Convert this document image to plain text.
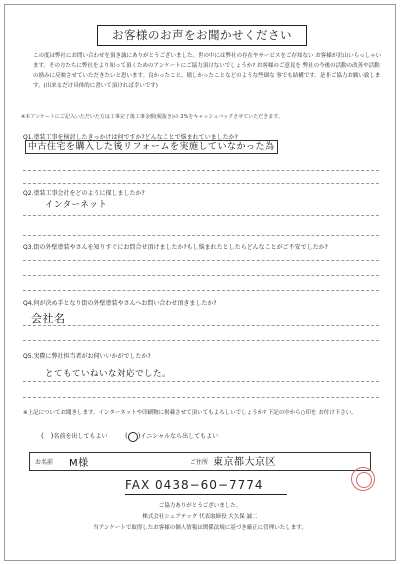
お客様のお声をお聞かせください
この度は弊社にお問い合わせを頂き誠にありがとうございました。世の中には弊社の存在やサービスをご存知ない お客様が沢山いらっしゃいます。その方たちに弊社をより知って頂くためのアンケートにご協力頂けないでしょうか? お客様のご意見を 弊社の今後の活動の改善や活動の励みに反映させていただきたいと思います。良かったこと、嬉しかったことなどのような些細な 事でも結構です。是非ご協力お願い致します。(出来るだけ具体的に書いて頂ければ幸いです)
※本アンケートにご記入いただいた方は工事完了後工事金額(税抜き)の 2%をキャッシュバックさせていただきます。
Q1.塗装工事を検討したきっかけは何ですか?どんなことで悩まれていましたか?
中古住宅を購入した後リフォームを実施していなかった為
Q2.塗装工事会社をどのように探しましたか?
インターネット
Q3.街の外壁塗装やさんを知りすぐにお問合せ頂けましたか?もし悩まれたとしたらどんなことがご不安でしたか?
Q4.何が決め手となり街の外壁塗装やさんへお問い合わせ頂きましたか?
会社名
Q5.実際に弊社担当者がお伺いいかがでしたか?
とてもていねいな対応でした。
※上記についてお聞きします。インターネットや印刷物に掲載させて頂いてもよろしいでしょうか? 下記の中から○印を お付け下さい。
(　)名前を出してもよい	(○)イニシャルなら出してもよい
お名前 M様	ご住所 東京都大京区
FAX 0438−60−7774
ご協力ありがとうございました。
株式会社シェアテック 代表取締役 大久保 誠二
当アンケートで取得したお客様の個人情報は関係法規に基づき厳正に管理いたします。
